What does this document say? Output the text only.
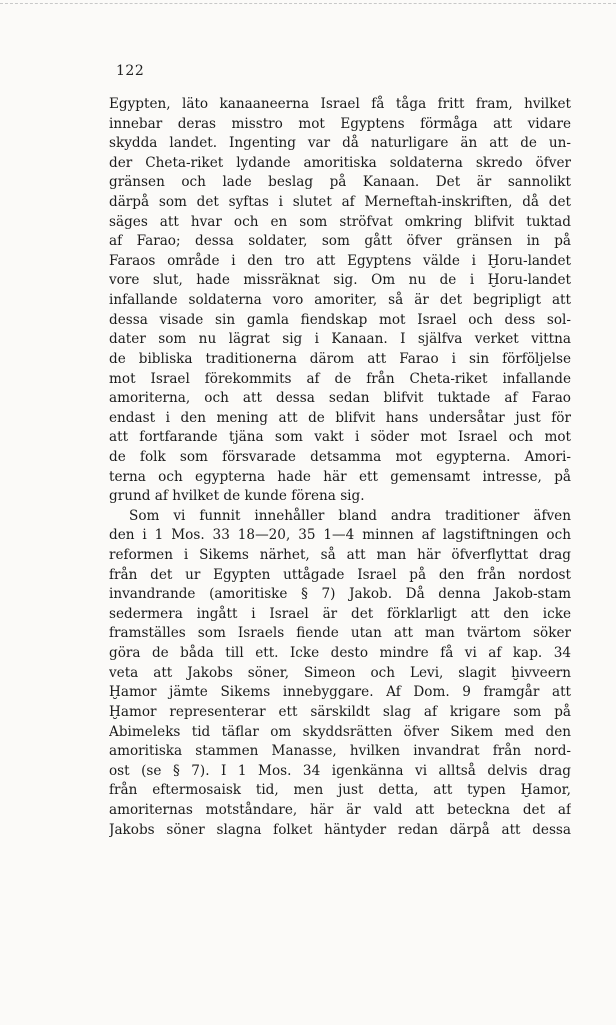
122
Egypten, läto kanaaneerna Israel få tåga fritt fram, hvilket
innebar deras misstro mot Egyptens förmåga att vidare
skydda landet. Ingenting var då naturligare än att de un-
der Cheta-riket lydande amoritiska soldaterna skredo öfver
gränsen och lade beslag på Kanaan. Det är sannolikt
därpå som det syftas i slutet af Merneftah-inskriften, då det
säges att hvar och en som ströfvat omkring blifvit tuktad
af Farao; dessa soldater, som gått öfver gränsen in på
Faraos område i den tro att Egyptens välde i Ḫoru-landet
vore slut, hade missräknat sig. Om nu de i Ḫoru-landet
infallande soldaterna voro amoriter, så är det begripligt att
dessa visade sin gamla fiendskap mot Israel och dess sol-
dater som nu lägrat sig i Kanaan. I själfva verket vittna
de bibliska traditionerna därom att Farao i sin förföljelse
mot Israel förekommits af de från Cheta-riket infallande
amoriterna, och att dessa sedan blifvit tuktade af Farao
endast i den mening att de blifvit hans undersåtar just för
att fortfarande tjäna som vakt i söder mot Israel och mot
de folk som försvarade detsamma mot egypterna. Amori-
terna och egypterna hade här ett gemensamt intresse, på
grund af hvilket de kunde förena sig.
Som vi funnit innehåller bland andra traditioner äfven
den i 1 Mos. 33 18—20, 35 1—4 minnen af lagstiftningen och
reformen i Sikems närhet, så att man här öfverflyttat drag
från det ur Egypten uttågade Israel på den från nordost
invandrande (amoritiske § 7) Jakob. Då denna Jakob-stam
sedermera ingått i Israel är det förklarligt att den icke
framställes som Israels fiende utan att man tvärtom söker
göra de båda till ett. Icke desto mindre få vi af kap. 34
veta att Jakobs söner, Simeon och Levi, slagit ḫivveern
Ḫamor jämte Sikems innebyggare. Af Dom. 9 framgår att
Ḫamor representerar ett särskildt slag af krigare som på
Abimeleks tid täflar om skyddsrätten öfver Sikem med den
amoritiska stammen Manasse, hvilken invandrat från nord-
ost (se § 7). I 1 Mos. 34 igenkänna vi alltså delvis drag
från eftermosaisk tid, men just detta, att typen Ḫamor,
amoriternas motståndare, här är vald att beteckna det af
Jakobs söner slagna folket häntyder redan därpå att dessa
